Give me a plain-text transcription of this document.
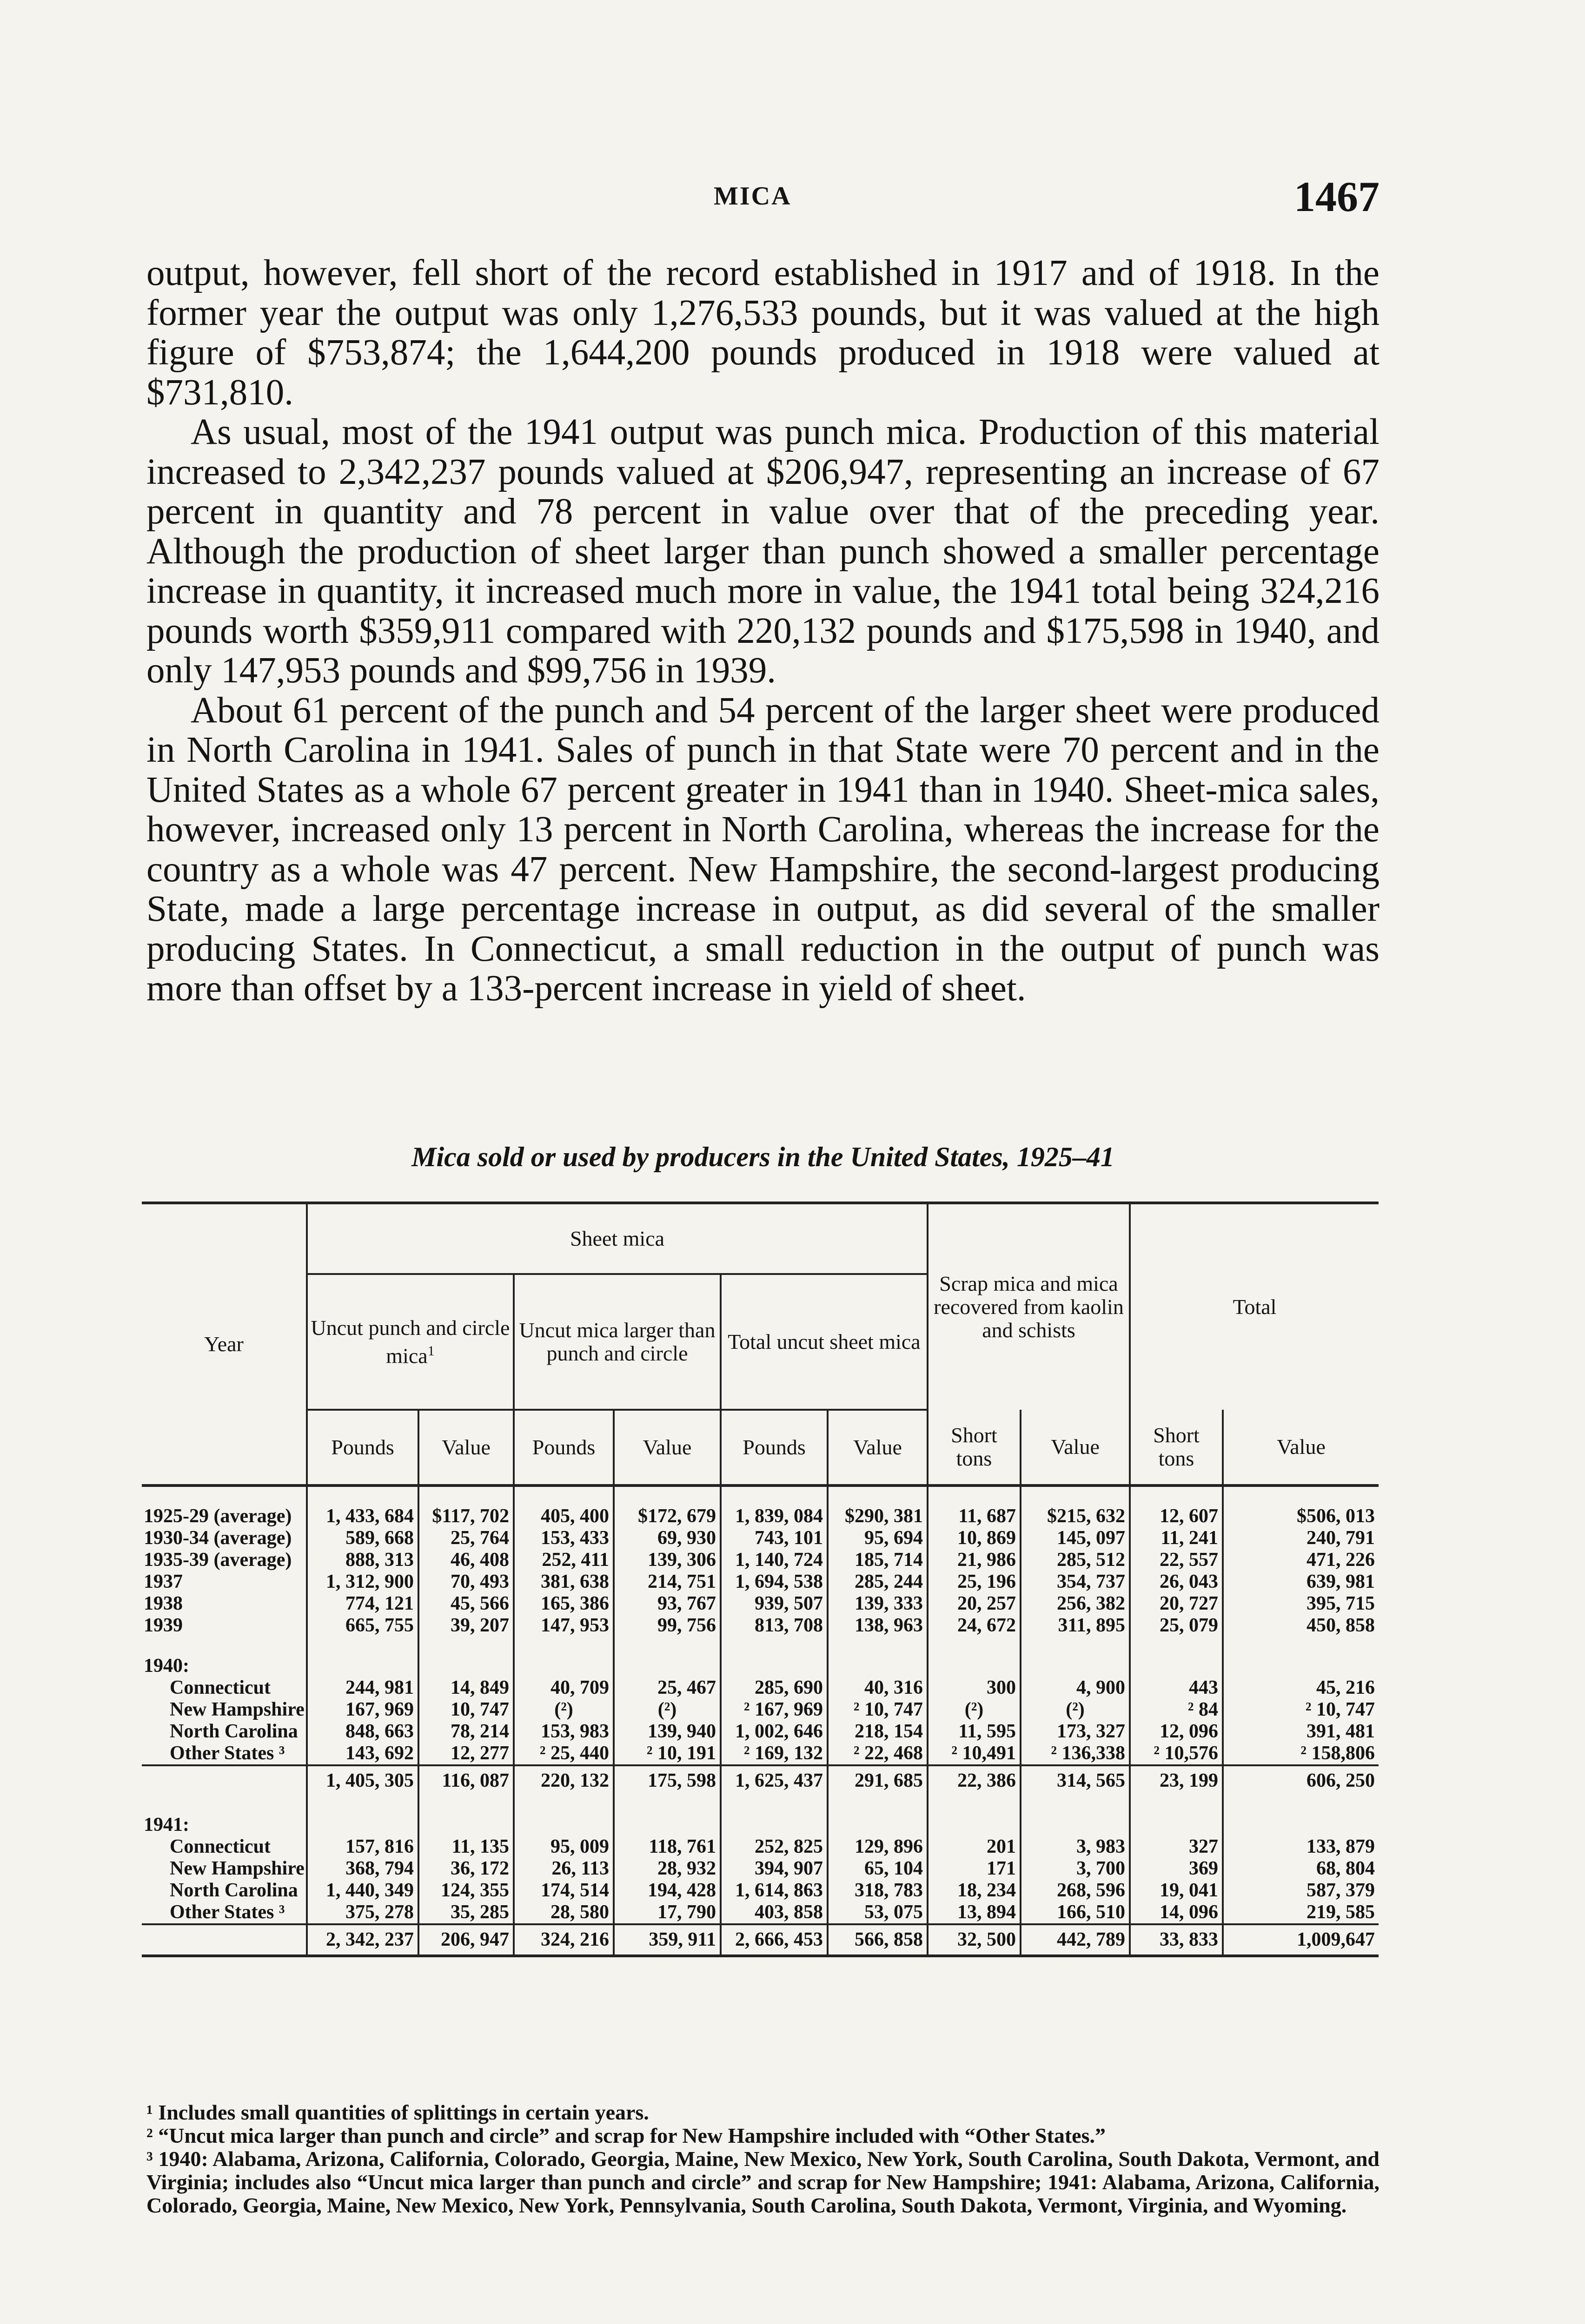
MICA	1467

output, however, fell short of the record established in 1917 and of 1918. In the former year the output was only 1,276,533 pounds, but it was valued at the high figure of $753,874; the 1,644,200 pounds produced in 1918 were valued at $731,810.

As usual, most of the 1941 output was punch mica. Production of this material increased to 2,342,237 pounds valued at $206,947, representing an increase of 67 percent in quantity and 78 percent in value over that of the preceding year. Although the production of sheet larger than punch showed a smaller percentage increase in quantity, it increased much more in value, the 1941 total being 324,216 pounds worth $359,911 compared with 220,132 pounds and $175,598 in 1940, and only 147,953 pounds and $99,756 in 1939.

About 61 percent of the punch and 54 percent of the larger sheet were produced in North Carolina in 1941. Sales of punch in that State were 70 percent and in the United States as a whole 67 percent greater in 1941 than in 1940. Sheet-mica sales, however, increased only 13 percent in North Carolina, whereas the increase for the country as a whole was 47 percent. New Hampshire, the second-largest producing State, made a large percentage increase in output, as did several of the smaller producing States. In Connecticut, a small reduction in the output of punch was more than offset by a 133-percent increase in yield of sheet.

Mica sold or used by producers in the United States, 1925–41
Year	Sheet mica						Scrap mica and mica recovered from kaolin and schists		Total	
	Uncut punch and circle mica$^1$		Uncut mica larger than punch and circle		Total uncut sheet mica					
	Pounds	Value	Pounds	Value	Pounds	Value	Short tons	Value	Short tons	Value

1925-29 (average)	1, 433, 684	$117, 702	405, 400	$172, 679	1, 839, 084	$290, 381	11, 687	$215, 632	12, 607	$506, 013
1930-34 (average)	589, 668	25, 764	153, 433	69, 930	743, 101	95, 694	10, 869	145, 097	11, 241	240, 791
1935-39 (average)	888, 313	46, 408	252, 411	139, 306	1, 140, 724	185, 714	21, 986	285, 512	22, 557	471, 226
1937	1, 312, 900	70, 493	381, 638	214, 751	1, 694, 538	285, 244	25, 196	354, 737	26, 043	639, 981
1938	774, 121	45, 566	165, 386	93, 767	939, 507	139, 333	20, 257	256, 382	20, 727	395, 715
1939	665, 755	39, 207	147, 953	99, 756	813, 708	138, 963	24, 672	311, 895	25, 079	450, 858

1940:										
Connecticut	244, 981	14, 849	40, 709	25, 467	285, 690	40, 316	300	4, 900	443	45, 216
New Hampshire	167, 969	10, 747	(²)	(²)	² 167, 969	² 10, 747	(²)	(²)	² 84	² 10, 747
North Carolina	848, 663	78, 214	153, 983	139, 940	1, 002, 646	218, 154	11, 595	173, 327	12, 096	391, 481
Other States ³	143, 692	12, 277	² 25, 440	² 10, 191	² 169, 132	² 22, 468	² 10,491	² 136,338	² 10,576	² 158,806
	1, 405, 305	116, 087	220, 132	175, 598	1, 625, 437	291, 685	22, 386	314, 565	23, 199	606, 250

1941:										
Connecticut	157, 816	11, 135	95, 009	118, 761	252, 825	129, 896	201	3, 983	327	133, 879
New Hampshire	368, 794	36, 172	26, 113	28, 932	394, 907	65, 104	171	3, 700	369	68, 804
North Carolina	1, 440, 349	124, 355	174, 514	194, 428	1, 614, 863	318, 783	18, 234	268, 596	19, 041	587, 379
Other States ³	375, 278	35, 285	28, 580	17, 790	403, 858	53, 075	13, 894	166, 510	14, 096	219, 585
	2, 342, 237	206, 947	324, 216	359, 911	2, 666, 453	566, 858	32, 500	442, 789	33, 833	1,009,647

¹ Includes small quantities of splittings in certain years.

² “Uncut mica larger than punch and circle” and scrap for New Hampshire included with “Other States.”

³ 1940: Alabama, Arizona, California, Colorado, Georgia, Maine, New Mexico, New York, South Carolina, South Dakota, Vermont, and Virginia; includes also “Uncut mica larger than punch and circle” and scrap for New Hampshire; 1941: Alabama, Arizona, California, Colorado, Georgia, Maine, New Mexico, New York, Pennsylvania, South Carolina, South Dakota, Vermont, Virginia, and Wyoming.
